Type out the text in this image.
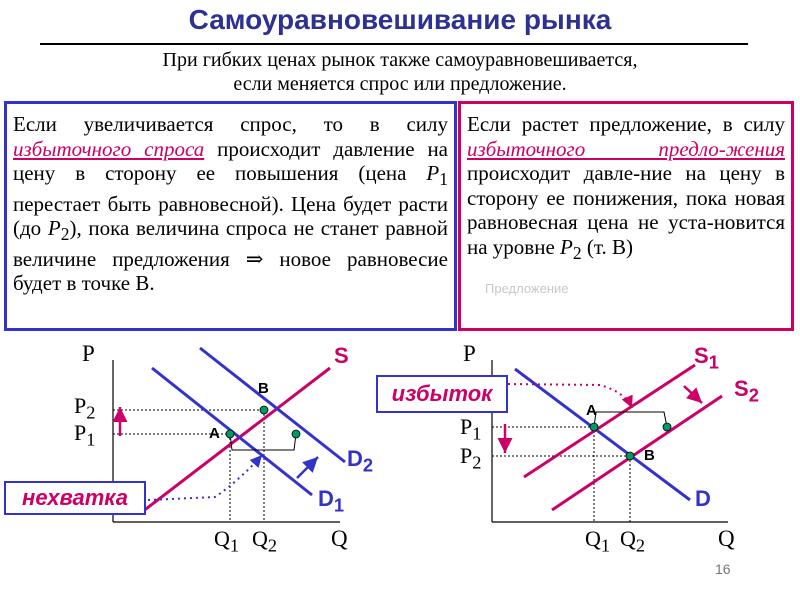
Самоуравновешивание рынка
При гибких ценах рынок также самоуравновешивается,
если меняется спрос или предложение.
Если увеличивается спрос, то в силу избыточного спроса происходит давление на цену в сторону ее повышения (цена $P_1$ перестает быть равновесной). Цена будет расти (до $P_2$), пока величина спроса не станет равной величине предложения ⇒ новое равновесие будет в точке В.
Если растет предложение, в силу избыточного предло-жения происходит давле-ние на цену в сторону ее понижения, пока новая равновесная цена не уста-новится на уровне $P_2$ (т. В)
Предложение
P
Q
$P_2$
$P_1$
$Q_1$ $Q_2$
S
$D_2$
$D_1$
A
B
нехватка
P
Q
$P_1$
$P_2$
$Q_1$ $Q_2$
$S_1$
$S_2$
D
A
B
избыток
16
